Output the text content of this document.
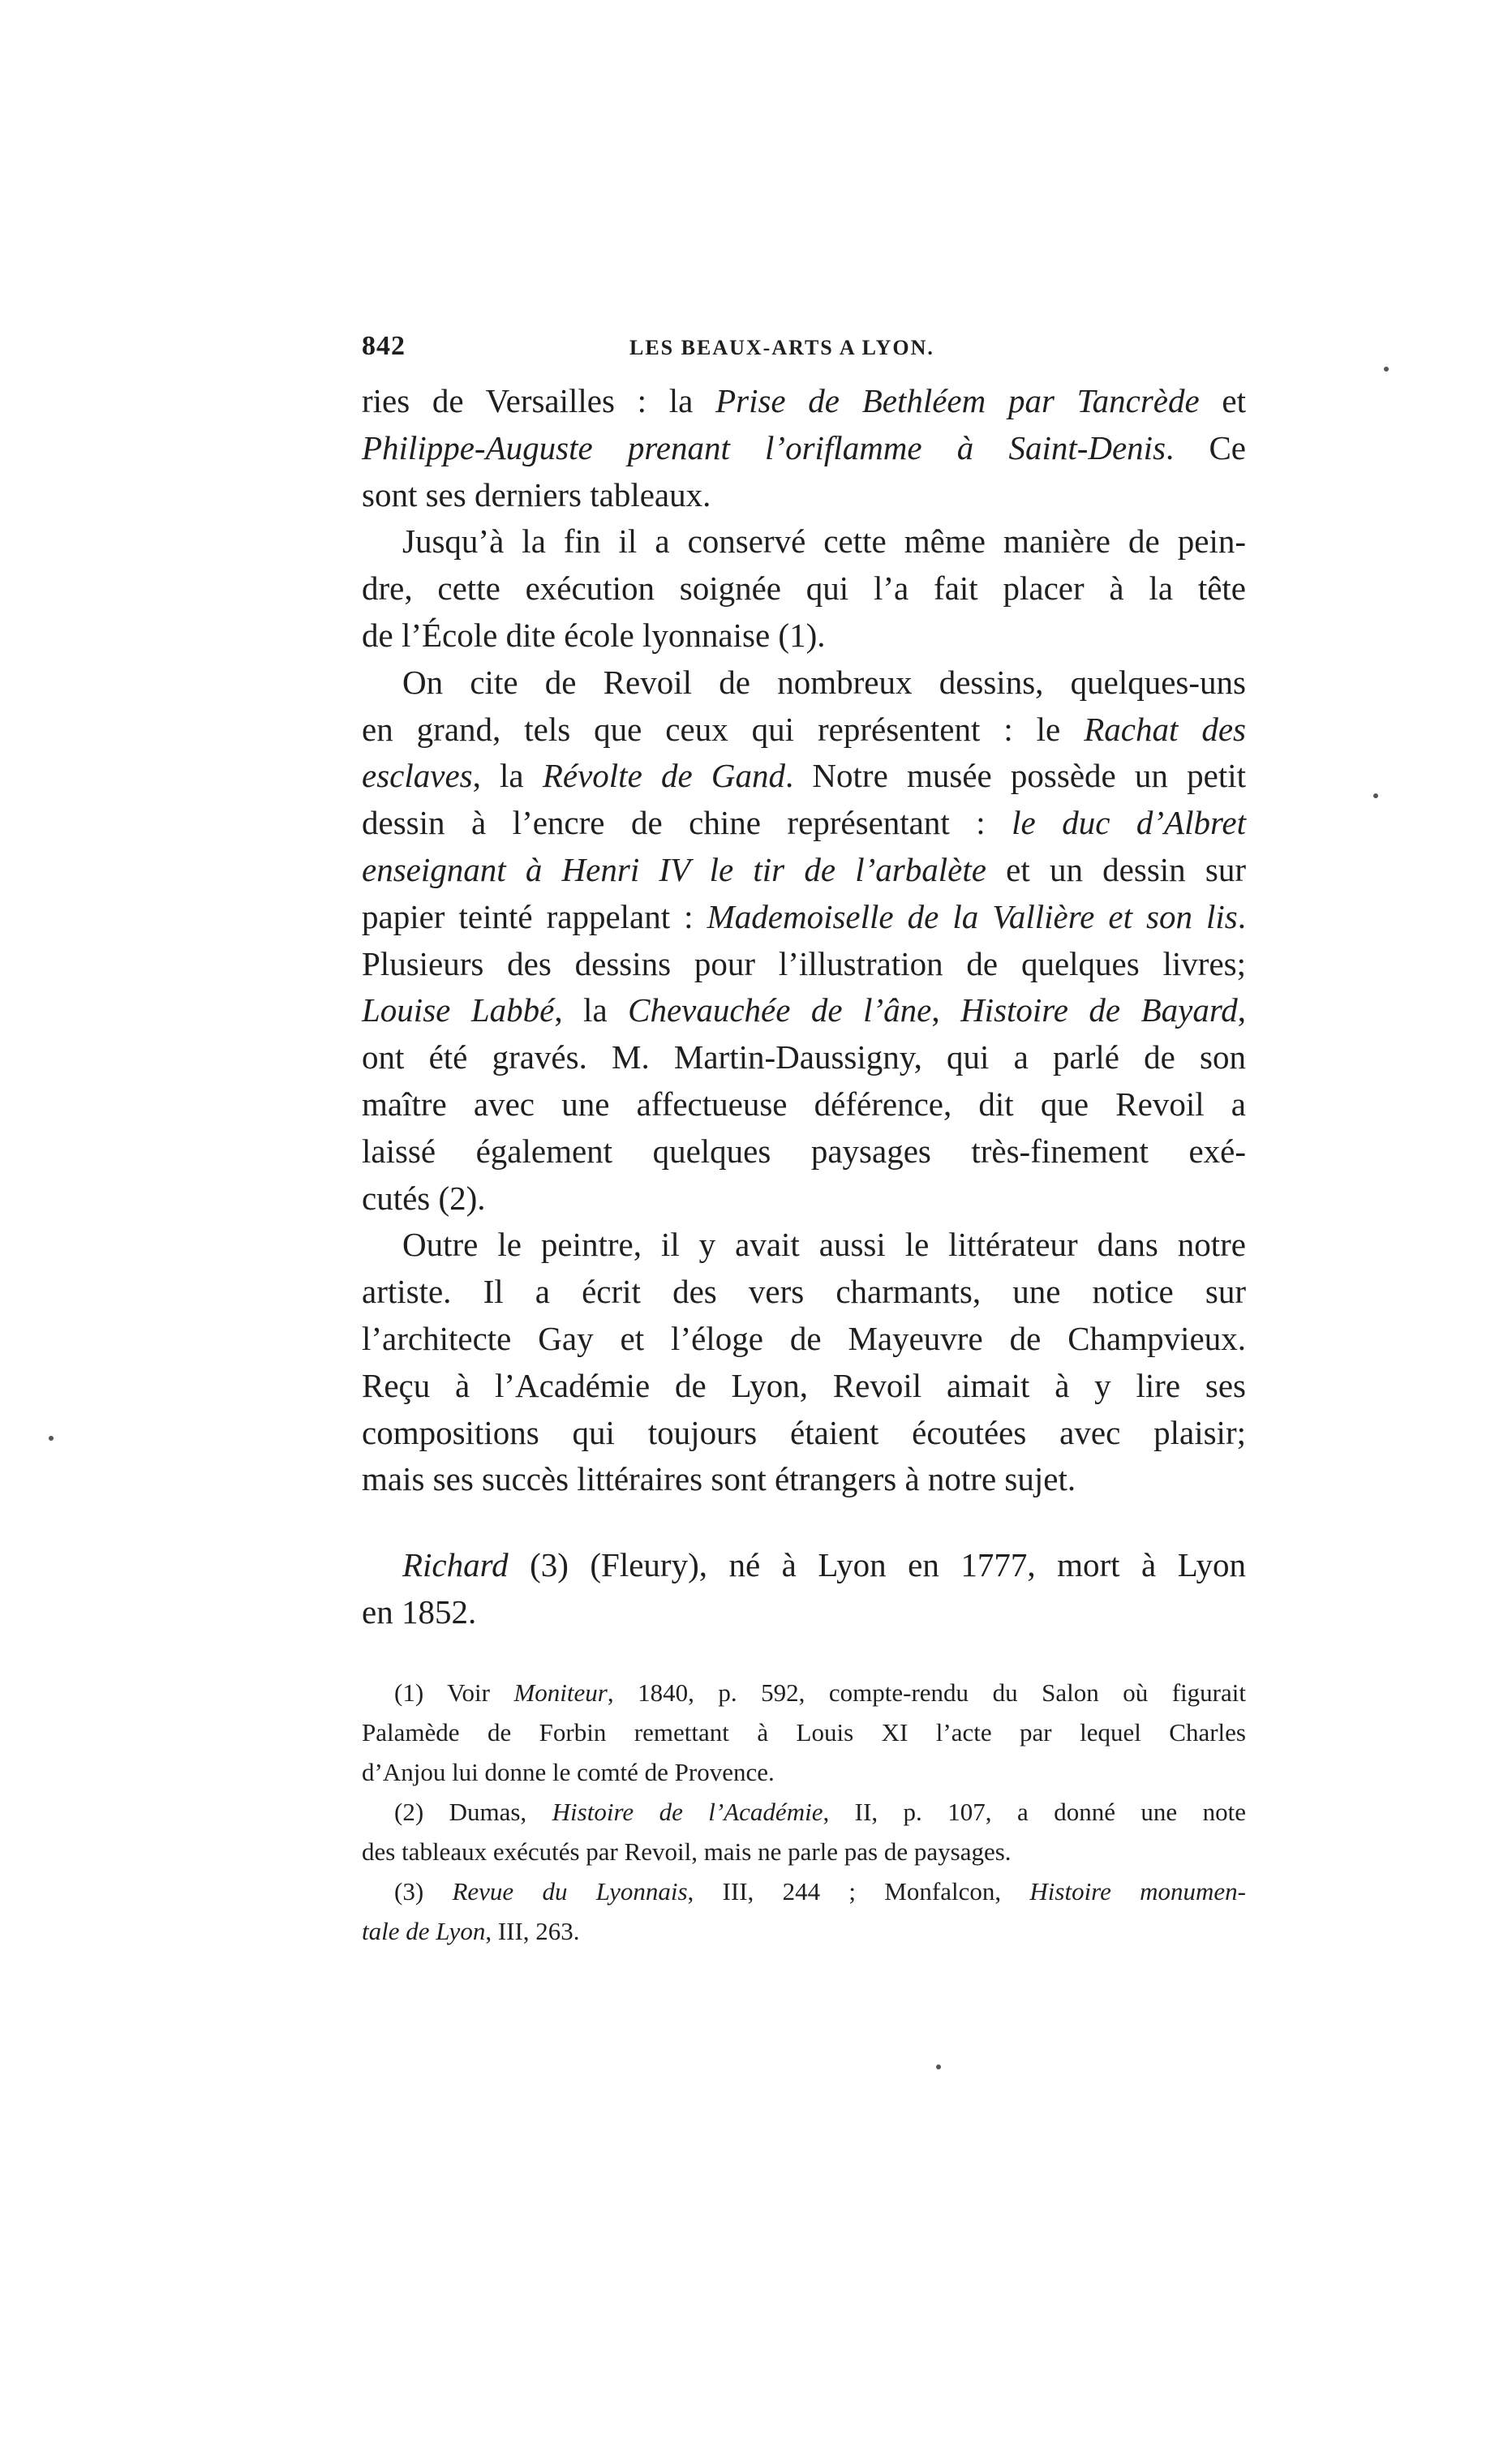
842	LES BEAUX-ARTS A LYON.
ries de Versailles : la Prise de Bethléem par Tancrède et
Philippe-Auguste prenant l’oriflamme à Saint-Denis. Ce
sont ses derniers tableaux.
Jusqu’à la fin il a conservé cette même manière de pein-
dre, cette exécution soignée qui l’a fait placer à la tête
de l’École dite école lyonnaise (1).
On cite de Revoil de nombreux dessins, quelques-uns
en grand, tels que ceux qui représentent : le Rachat des
esclaves, la Révolte de Gand. Notre musée possède un petit
dessin à l’encre de chine représentant : le duc d’Albret
enseignant à Henri IV le tir de l’arbalète et un dessin sur
papier teinté rappelant : Mademoiselle de la Vallière et son lis.
Plusieurs des dessins pour l’illustration de quelques livres;
Louise Labbé, la Chevauchée de l’âne, Histoire de Bayard,
ont été gravés. M. Martin-Daussigny, qui a parlé de son
maître avec une affectueuse déférence, dit que Revoil a
laissé également quelques paysages très-finement exé-
cutés (2).
Outre le peintre, il y avait aussi le littérateur dans notre
artiste. Il a écrit des vers charmants, une notice sur
l’architecte Gay et l’éloge de Mayeuvre de Champvieux.
Reçu à l’Académie de Lyon, Revoil aimait à y lire ses
compositions qui toujours étaient écoutées avec plaisir;
mais ses succès littéraires sont étrangers à notre sujet.
Richard (3) (Fleury), né à Lyon en 1777, mort à Lyon
en 1852.
(1) Voir Moniteur, 1840, p. 592, compte-rendu du Salon où figurait
Palamède de Forbin remettant à Louis XI l’acte par lequel Charles
d’Anjou lui donne le comté de Provence.
(2) Dumas, Histoire de l’Académie, II, p. 107, a donné une note
des tableaux exécutés par Revoil, mais ne parle pas de paysages.
(3) Revue du Lyonnais, III, 244 ; Monfalcon, Histoire monumen-
tale de Lyon, III, 263.
